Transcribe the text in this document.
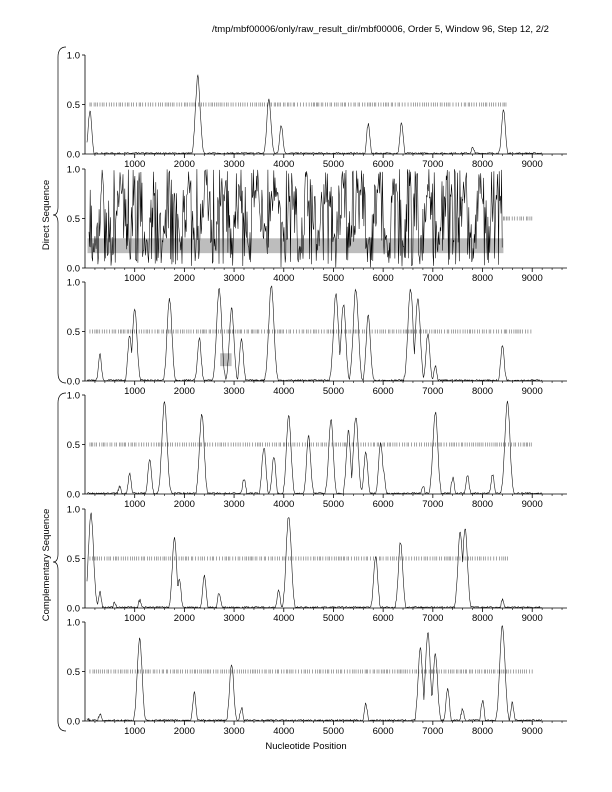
/tmp/mbf00006/only/raw_result_dir/mbf00006, Order 5, Window 96, Step 12, 2/2
0.0
0.5
1.0
1000	2000	3000	4000	5000	6000	7000	8000	9000
0.0
0.5
1.0
1000	2000	3000	4000	5000	6000	7000	8000	9000
0.0
0.5
1.0
1000	2000	3000	4000	5000	6000	7000	8000	9000
0.0
0.5
1.0
1000	2000	3000	4000	5000	6000	7000	8000	9000
0.0
0.5
1.0
1000	2000	3000	4000	5000	6000	7000	8000	9000
0.0
0.5
1.0
1000	2000	3000	4000	5000	6000	7000	8000	9000
Direct Sequence
Complementary Sequence
Nucleotide Position
